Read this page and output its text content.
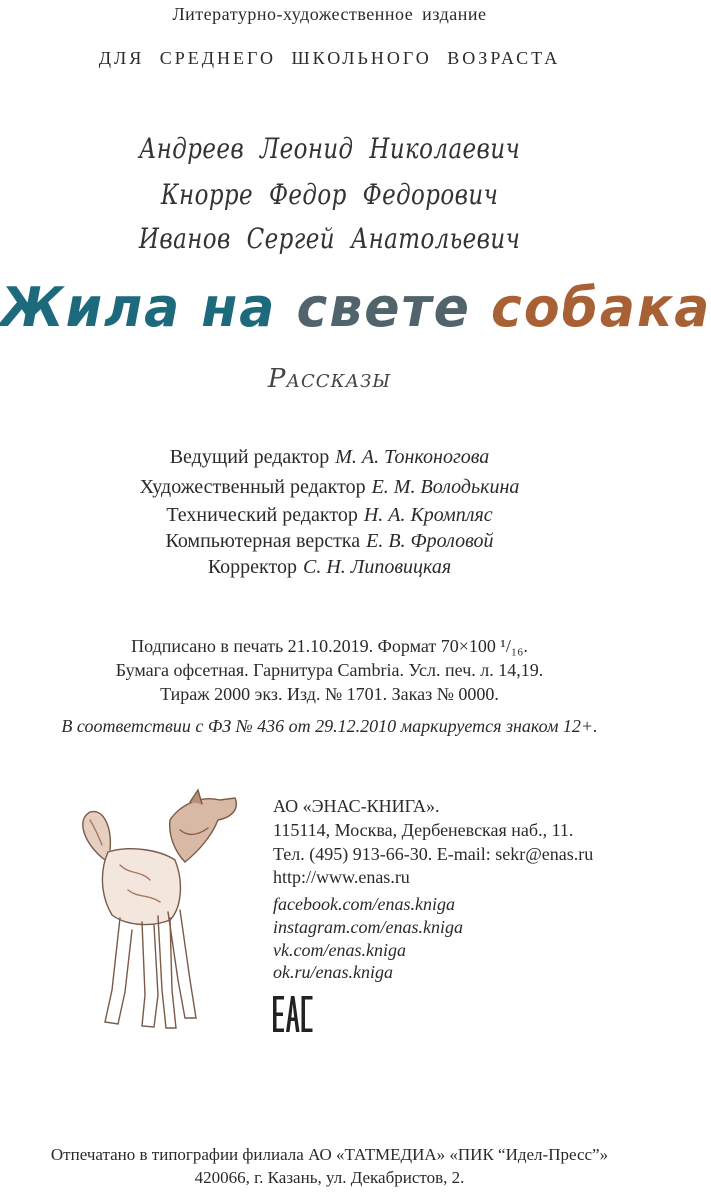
Литературно-художественное издание
ДЛЯ СРЕДНЕГО ШКОЛЬНОГО ВОЗРАСТА
Андреев Леонид Николаевич
Кнорре Федор Федорович
Иванов Сергей Анатольевич
Жила на свете собака
Рассказы
Ведущий редактор М. А. Тонконогова
Художественный редактор Е. М. Володькина
Технический редактор Н. А. Кромпляс
Компьютерная верстка Е. В. Фроловой
Корректор С. Н. Липовицкая
Подписано в печать 21.10.2019. Формат 70×100 ¹/₁₆.
Бумага офсетная. Гарнитура Cambria. Усл. печ. л. 14,19.
Тираж 2000 экз. Изд. № 1701. Заказ № 0000.
В соответствии с ФЗ № 436 от 29.12.2010 маркируется знаком 12+.
АО «ЭНАС-КНИГА».
115114, Москва, Дербеневская наб., 11.
Тел. (495) 913-66-30. E-mail: sekr@enas.ru
http://www.enas.ru
facebook.com/enas.kniga
instagram.com/enas.kniga
vk.com/enas.kniga
ok.ru/enas.kniga
Отпечатано в типографии филиала АО «ТАТМЕДИА» «ПИК “Идел-Пресс”»
420066, г. Казань, ул. Декабристов, 2.
